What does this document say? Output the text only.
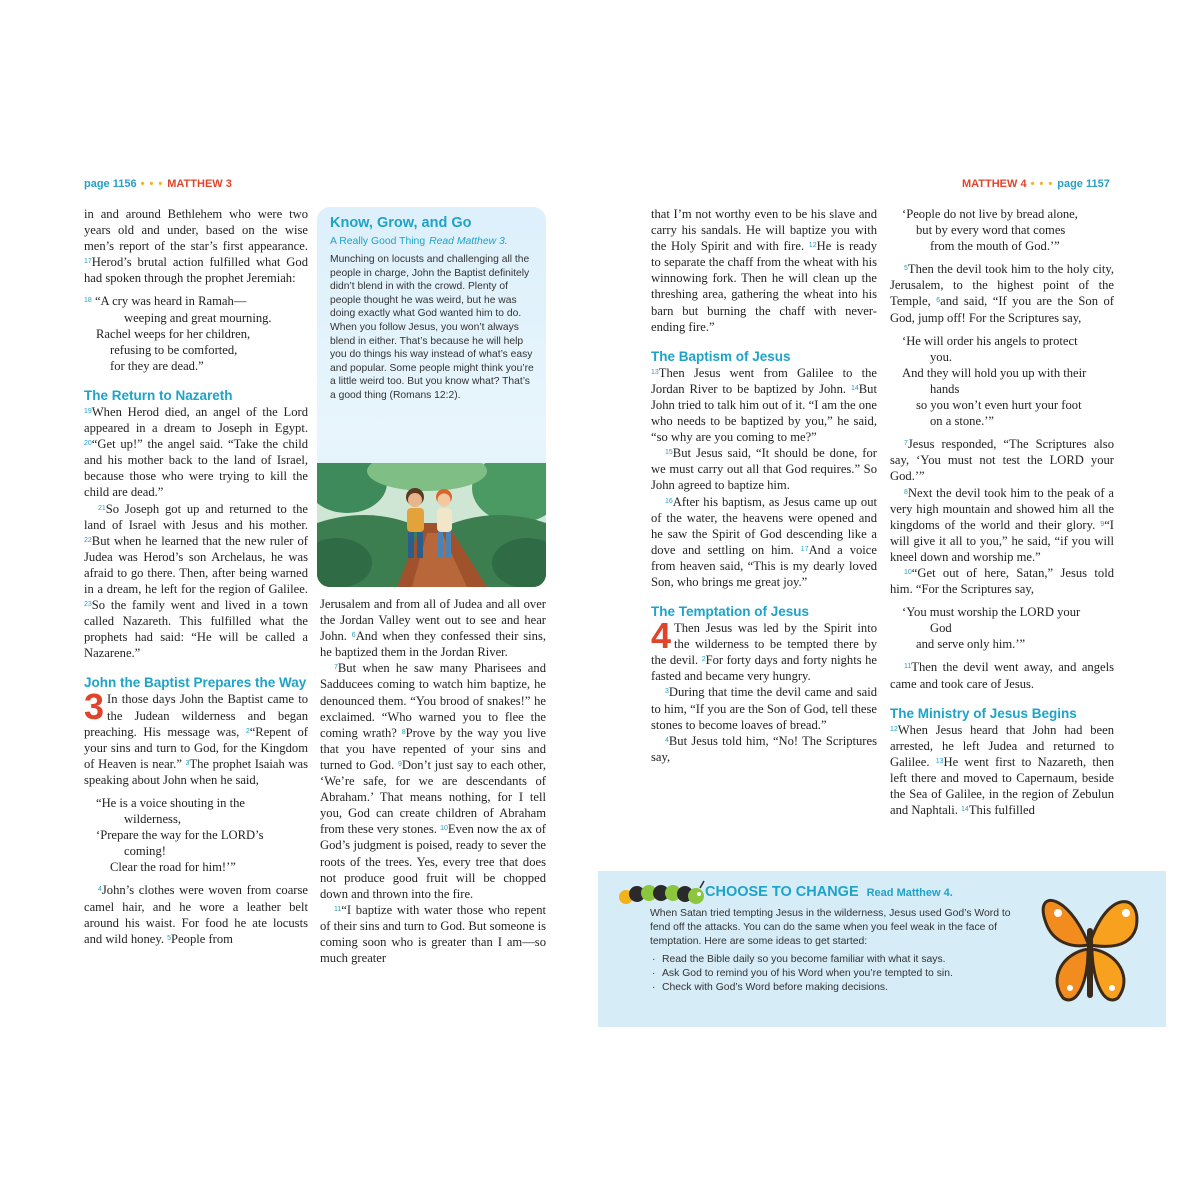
page 1156 • • • MATTHEW 3	MATTHEW 4 • • • page 1157

in and around Bethlehem who were two years old and under, based on the wise men’s report of the star’s first appearance. $^{17}$Herod’s brutal action fulfilled what God had spoken through the prophet Jeremiah:

$^{18}$ “A cry was heard in Ramah—
weeping and great mourning.
Rachel weeps for her children,
refusing to be comforted,
for they are dead.”
The Return to Nazareth

$^{19}$When Herod died, an angel of the Lord appeared in a dream to Joseph in Egypt. $^{20}$“Get up!” the angel said. “Take the child and his mother back to the land of Israel, because those who were trying to kill the child are dead.”

$^{21}$So Joseph got up and returned to the land of Israel with Jesus and his mother. $^{22}$But when he learned that the new ruler of Judea was Herod’s son Archelaus, he was afraid to go there. Then, after being warned in a dream, he left for the region of Galilee. $^{23}$So the family went and lived in a town called Nazareth. This fulfilled what the prophets had said: “He will be called a Nazarene.”

John the Baptist Prepares the Way

3 In those days John the Baptist came to the Judean wilderness and began preaching. His message was, $^2$“Repent of your sins and turn to God, for the Kingdom of Heaven is near.” $^3$The prophet Isaiah was speaking about John when he said,

“He is a voice shouting in the
wilderness,
‘Prepare the way for the LORD’s
coming!
Clear the road for him!’”

$^4$John’s clothes were woven from coarse camel hair, and he wore a leather belt around his waist. For food he ate locusts and wild honey. $^5$People from

Know, Grow, and Go
A Really Good Thing Read Matthew 3.
Munching on locusts and challenging all the people in charge, John the Baptist definitely didn’t blend in with the crowd. Plenty of people thought he was weird, but he was doing exactly what God wanted him to do. When you follow Jesus, you won’t always blend in either. That’s because he will help you do things his way instead of what’s easy and popular. Some people might think you’re a little weird too. But you know what? That’s a good thing (Romans 12:2).

Jerusalem and from all of Judea and all over the Jordan Valley went out to see and hear John. $^6$And when they confessed their sins, he baptized them in the Jordan River.

$^7$But when he saw many Pharisees and Sadducees coming to watch him baptize, he denounced them. “You brood of snakes!” he exclaimed. “Who warned you to flee the coming wrath? $^8$Prove by the way you live that you have repented of your sins and turned to God. $^9$Don’t just say to each other, ‘We’re safe, for we are descendants of Abraham.’ That means nothing, for I tell you, God can create children of Abraham from these very stones. $^{10}$Even now the ax of God’s judgment is poised, ready to sever the roots of the trees. Yes, every tree that does not produce good fruit will be chopped down and thrown into the fire.

$^{11}$“I baptize with water those who repent of their sins and turn to God. But someone is coming soon who is greater than I am—so much greater

that I’m not worthy even to be his slave and carry his sandals. He will baptize you with the Holy Spirit and with fire. $^{12}$He is ready to separate the chaff from the wheat with his winnowing fork. Then he will clean up the threshing area, gathering the wheat into his barn but burning the chaff with never-ending fire.”

The Baptism of Jesus

$^{13}$Then Jesus went from Galilee to the Jordan River to be baptized by John. $^{14}$But John tried to talk him out of it. “I am the one who needs to be baptized by you,” he said, “so why are you coming to me?”

$^{15}$But Jesus said, “It should be done, for we must carry out all that God requires.” So John agreed to baptize him.

$^{16}$After his baptism, as Jesus came up out of the water, the heavens were opened and he saw the Spirit of God descending like a dove and settling on him. $^{17}$And a voice from heaven said, “This is my dearly loved Son, who brings me great joy.”

The Temptation of Jesus

4 Then Jesus was led by the Spirit into the wilderness to be tempted there by the devil. $^2$For forty days and forty nights he fasted and became very hungry.

$^3$During that time the devil came and said to him, “If you are the Son of God, tell these stones to become loaves of bread.”

$^4$But Jesus told him, “No! The Scriptures say,

‘People do not live by bread alone,
but by every word that comes
from the mouth of God.’”

$^5$Then the devil took him to the holy city, Jerusalem, to the highest point of the Temple, $^6$and said, “If you are the Son of God, jump off! For the Scriptures say,

‘He will order his angels to protect
you.
And they will hold you up with their
hands
so you won’t even hurt your foot
on a stone.’”

$^7$Jesus responded, “The Scriptures also say, ‘You must not test the LORD your God.’”

$^8$Next the devil took him to the peak of a very high mountain and showed him all the kingdoms of the world and their glory. $^9$“I will give it all to you,” he said, “if you will kneel down and worship me.”

$^{10}$“Get out of here, Satan,” Jesus told him. “For the Scriptures say,

‘You must worship the LORD your
God
and serve only him.’”

$^{11}$Then the devil went away, and angels came and took care of Jesus.

The Ministry of Jesus Begins

$^{12}$When Jesus heard that John had been arrested, he left Judea and returned to Galilee. $^{13}$He went first to Nazareth, then left there and moved to Capernaum, beside the Sea of Galilee, in the region of Zebulun and Naphtali. $^{14}$This fulfilled

CHOOSE TO CHANGE Read Matthew 4.
When Satan tried tempting Jesus in the wilderness, Jesus used God’s Word to fend off the attacks. You can do the same when you feel weak in the face of temptation. Here are some ideas to get started:
· Read the Bible daily so you become familiar with what it says.
· Ask God to remind you of his Word when you’re tempted to sin.
· Check with God’s Word before making decisions.
